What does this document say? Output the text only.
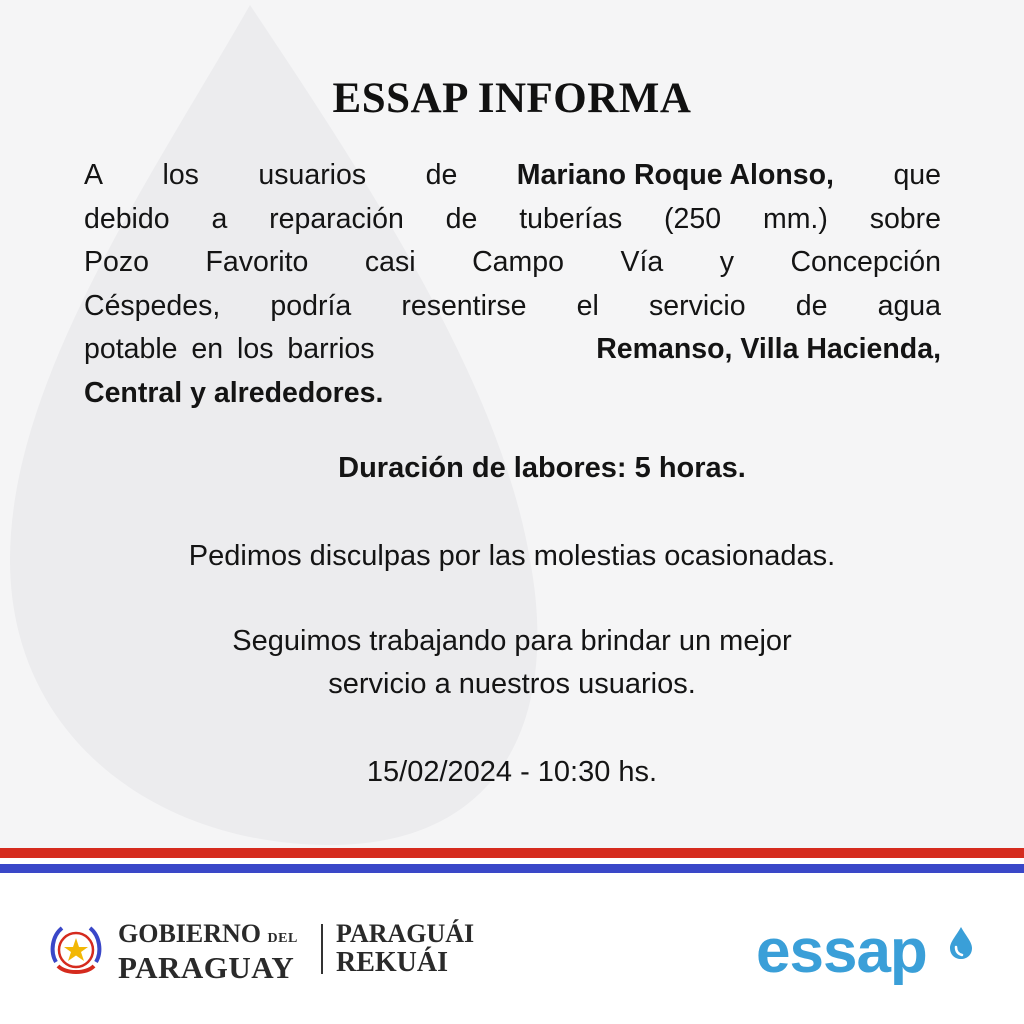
ESSAP INFORMA
A los usuarios de Mariano Roque Alonso, que
debido a reparación de tuberías (250 mm.) sobre
Pozo Favorito casi Campo Vía y Concepción
Céspedes, podría resentirse el servicio de agua
potable en los barrios	Remanso, Villa Hacienda,
Central y alrededores.
Duración de labores: 5 horas.
Pedimos disculpas por las molestias ocasionadas.
Seguimos trabajando para brindar un mejor
servicio a nuestros usuarios.
15/02/2024 - 10:30 hs.
GOBIERNO DEL
PARAGUAY
PARAGUÁI
REKUÁI	essap
